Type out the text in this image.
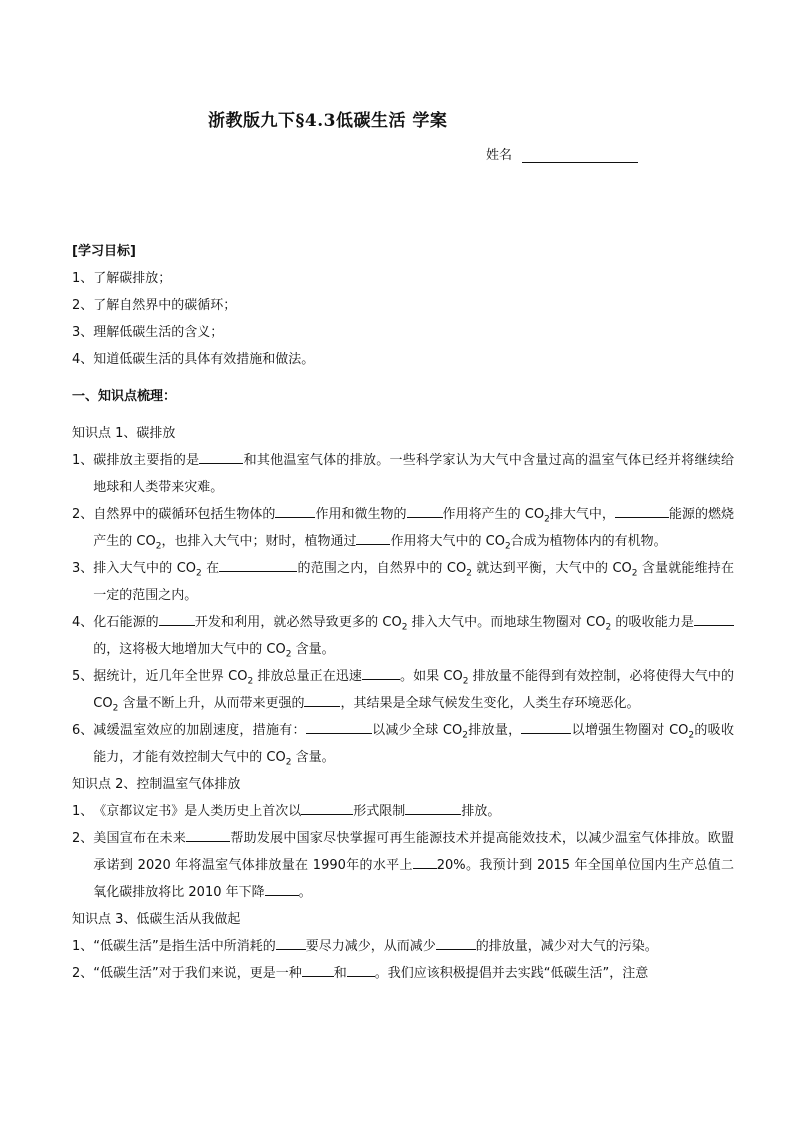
浙教版九下§4.3低碳生活 学案
姓名
[学习目标]
1、了解碳排放；
2、了解自然界中的碳循环；
3、理解低碳生活的含义；
4、知道低碳生活的具体有效措施和做法。
一、知识点梳理：
知识点 1、碳排放
1、 碳排放主要指的是	和其他温室气体的排放。一些科学家认为大气中含量过高的温室气体已经并将继续给地球和人类带来灾难。
2、 自然界中的碳循环包括生物体的	作用和微生物的	作用将产生的 $CO_2$排大气中，	能源的燃烧产生的 $CO_2$，也排入大气中；财时，植物通过	作用将大气中的 $CO_2$合成为植物体内的有机物。
3、 排入大气中的 $CO_2$ 在	的范围之内，自然界中的 $CO_2$ 就达到平衡，大气中的 $CO_2$ 含量就能维持在一定的范围之内。
4、 化石能源的	开发和利用，就必然导致更多的 $CO_2$ 排入大气中。而地球生物圈对 $CO_2$ 的吸收能力是的，这将极大地增加大气中的 $CO_2$ 含量。
5、 据统计，近几年全世界 $CO_2$ 排放总量正在迅速	。如果 $CO_2$ 排放量不能得到有效控制，必将使得大气中的 $CO_2$ 含量不断上升，从而带来更强的	，其结果是全球气候发生变化，人类生存环境恶化。
6、 减缓温室效应的加剧速度，措施有：	以减少全球 $CO_2$排放量，	以增强生物圈对 $CO_2$的吸收能力，才能有效控制大气中的 $CO_2$ 含量。
知识点 2、控制温室气体排放
1、 《京都议定书》是人类历史上首次以	形式限制	排放。
2、 美国宣布在未来	帮助发展中国家尽快掌握可再生能源技术并提高能效技术，以减少温室气体排放。欧盟承诺到 2020 年将温室气体排放量在 1990年的水平上 20%。我预计到 2015 年全国单位国内生产总值二氧化碳排放将比 2010 年下降	。
知识点 3、低碳生活从我做起
1、 “低碳生活”是指生活中所消耗的 要尽力减少，从而减少	的排放量，减少对大气的污染。
2、 “低碳生活”对于我们来说，更是一种 和 。我们应该积极提倡并去实践“低碳生活”，注意
